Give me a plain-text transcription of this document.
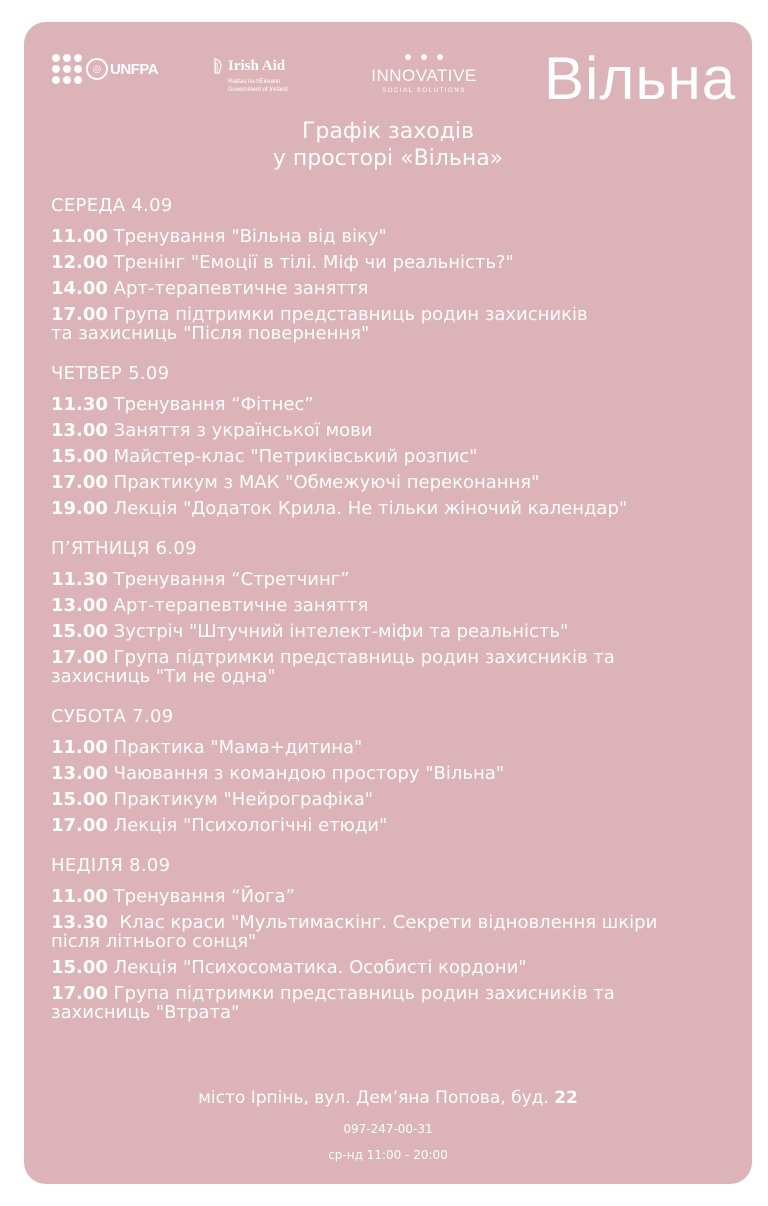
◎ UNFPA	Irish Aid
Rialtas na hÉireann
Government of Ireland
INNOVATIVE
SOCIAL SOLUTIONS	Вільна
Графік заходів
у просторі «Вільна»
СЕРЕДА 4.09
11.00 Тренування "Вільна від віку"
12.00 Тренінг "Емоції в тілі. Міф чи реальність?"
14.00 Арт-терапевтичне заняття
17.00 Група підтримки представниць родин захисників
та захисниць "Після повернення"
ЧЕТВЕР 5.09
11.30 Тренування “Фітнес”
13.00 Заняття з української мови
15.00 Майстер-клас "Петриківський розпис"
17.00 Практикум з МАК "Обмежуючі переконання"
19.00 Лекція "Додаток Крила. Не тільки жіночий календар"
П’ЯТНИЦЯ 6.09
11.30 Тренування “Стретчинг”
13.00 Арт-терапевтичне заняття
15.00 Зустріч "Штучний інтелект-міфи та реальність"
17.00 Група підтримки представниць родин захисників та
захисниць "Ти не одна"
СУБОТА 7.09
11.00 Практика "Мама+дитина"
13.00 Чаювання з командою простору "Вільна"
15.00 Практикум "Нейрографіка"
17.00 Лекція "Психологічні етюди"
НЕДІЛЯ 8.09
11.00 Тренування “Йога”
13.30  Клас краси "Мультимаскінг. Секрети відновлення шкіри
після літнього сонця"
15.00 Лекція "Психосоматика. Особисті кордони"
17.00 Група підтримки представниць родин захисників та
захисниць "Втрата"
місто Ірпінь, вул. Дем’яна Попова, буд. 22
097-247-00-31
ср-нд 11:00 - 20:00
